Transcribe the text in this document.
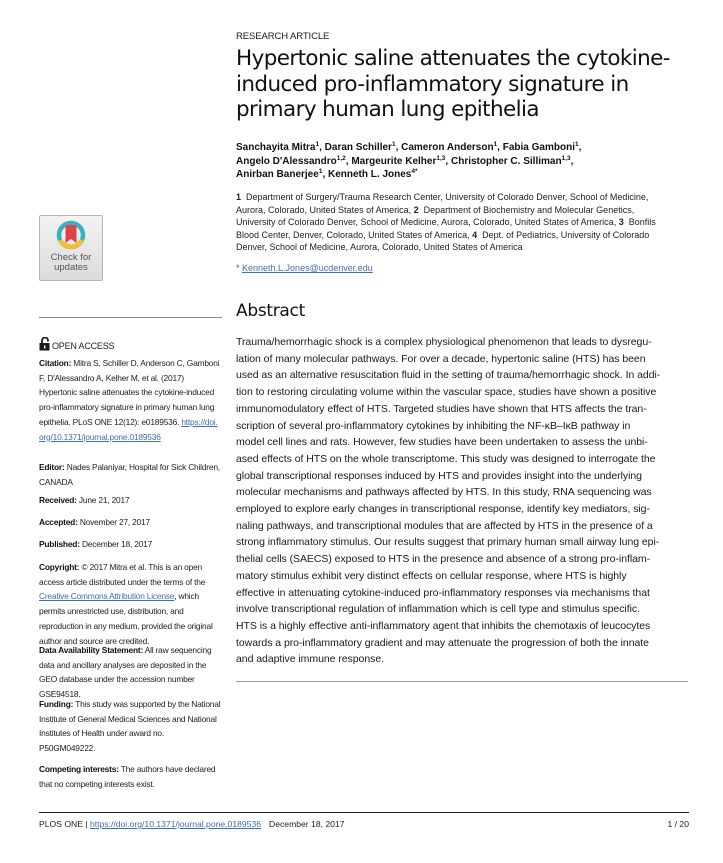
RESEARCH ARTICLE
Hypertonic saline attenuates the cytokine-
induced pro-inflammatory signature in
primary human lung epithelia
Sanchayita Mitra$^1$, Daran Schiller$^1$, Cameron Anderson$^1$, Fabia Gamboni$^1$,
Angelo D'Alessandro$^{1,2}$, Margeurite Kelher$^{1,3}$, Christopher C. Silliman$^{1,3}$,
Anirban Banerjee$^1$, Kenneth L. Jones$^{4*}$
1  Department of Surgery/Trauma Research Center, University of Colorado Denver, School of Medicine,
Aurora, Colorado, United States of America, 2  Department of Biochemistry and Molecular Genetics,
University of Colorado Denver, School of Medicine, Aurora, Colorado, United States of America, 3  Bonfils
Blood Center, Denver, Colorado, United States of America, 4  Dept. of Pediatrics, University of Colorado
Denver, School of Medicine, Aurora, Colorado, United States of America
* Kenneth.L.Jones@ucdenver.edu
Abstract
Trauma/hemorrhagic shock is a complex physiological phenomenon that leads to dysregu-
lation of many molecular pathways. For over a decade, hypertonic saline (HTS) has been
used as an alternative resuscitation fluid in the setting of trauma/hemorrhagic shock. In addi-
tion to restoring circulating volume within the vascular space, studies have shown a positive
immunomodulatory effect of HTS. Targeted studies have shown that HTS affects the tran-
scription of several pro-inflammatory cytokines by inhibiting the NF-κB–IκB pathway in
model cell lines and rats. However, few studies have been undertaken to assess the unbi-
ased effects of HTS on the whole transcriptome. This study was designed to interrogate the
global transcriptional responses induced by HTS and provides insight into the underlying
molecular mechanisms and pathways affected by HTS. In this study, RNA sequencing was
employed to explore early changes in transcriptional response, identify key mediators, sig-
naling pathways, and transcriptional modules that are affected by HTS in the presence of a
strong inflammatory stimulus. Our results suggest that primary human small airway lung epi-
thelial cells (SAECS) exposed to HTS in the presence and absence of a strong pro-inflam-
matory stimulus exhibit very distinct effects on cellular response, where HTS is highly
effective in attenuating cytokine-induced pro-inflammatory responses via mechanisms that
involve transcriptional regulation of inflammation which is cell type and stimulus specific.
HTS is a highly effective anti-inflammatory agent that inhibits the chemotaxis of leucocytes
towards a pro-inflammatory gradient and may attenuate the progression of both the innate
and adaptive immune response.
Check for
updates
OPEN ACCESS
Citation: Mitra S, Schiller D, Anderson C, Gamboni
F, D'Alessandro A, Kelher M, et al. (2017)
Hypertonic saline attenuates the cytokine-induced
pro-inflammatory signature in primary human lung
epithelia. PLoS ONE 12(12): e0189536. https://doi.
org/10.1371/journal.pone.0189536
Editor: Nades Palaniyar, Hospital for Sick Children,
CANADA
Received: June 21, 2017
Accepted: November 27, 2017
Published: December 18, 2017
Copyright: © 2017 Mitra et al. This is an open
access article distributed under the terms of the
Creative Commons Attribution License, which
permits unrestricted use, distribution, and
reproduction in any medium, provided the original
author and source are credited.
Data Availability Statement: All raw sequencing
data and ancillary analyses are deposited in the
GEO database under the accession number
GSE94518.
Funding: This study was supported by the National
Institute of General Medical Sciences and National
Institutes of Health under award no.
P50GM049222.
Competing interests: The authors have declared
that no competing interests exist.
PLOS ONE | https://doi.org/10.1371/journal.pone.0189536 December 18, 2017	1 / 20
